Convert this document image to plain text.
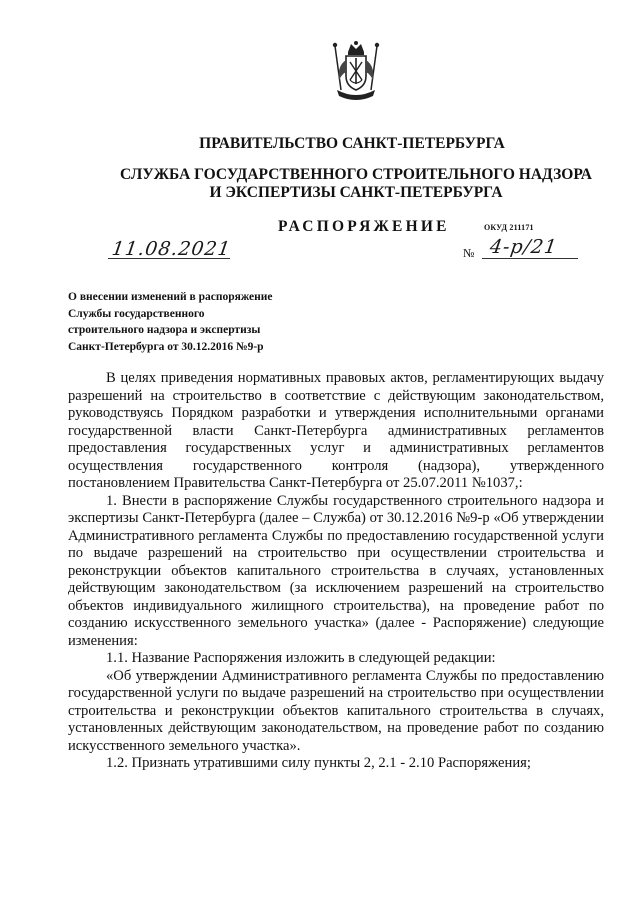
ПРАВИТЕЛЬСТВО САНКТ-ПЕТЕРБУРГА
СЛУЖБА ГОСУДАРСТВЕННОГО СТРОИТЕЛЬНОГО НАДЗОРА
И ЭКСПЕРТИЗЫ САНКТ-ПЕТЕРБУРГА
РАСПОРЯЖЕНИЕ	ОКУД 211171
11.08.2021	№ 4-р/21
О внесении изменений в распоряжение
Службы государственного
строительного надзора и экспертизы
Санкт-Петербурга от 30.12.2016 №9-р

В целях приведения нормативных правовых актов, регламентирующих выдачу разрешений на строительство в соответствие с действующим законодательством, руководствуясь Порядком разработки и утверждения исполнительными органами государственной власти Санкт-Петербурга административных регламентов предоставления государственных услуг и административных регламентов осуществления государственного контроля (надзора), утвержденного постановлением Правительства Санкт-Петербурга от 25.07.2011 №1037,:

1. Внести в распоряжение Службы государственного строительного надзора и экспертизы Санкт-Петербурга (далее – Служба) от 30.12.2016 №9-р «Об утверждении Административного регламента Службы по предоставлению государственной услуги по выдаче разрешений на строительство при осуществлении строительства и реконструкции объектов капитального строительства в случаях, установленных действующим законодательством (за исключением разрешений на строительство объектов индивидуального жилищного строительства), на проведение работ по созданию искусственного земельного участка» (далее - Распоряжение) следующие изменения:

1.1. Название Распоряжения изложить в следующей редакции:

«Об утверждении Административного регламента Службы по предоставлению государственной услуги по выдаче разрешений на строительство при осуществлении строительства и реконструкции объектов капитального строительства в случаях, установленных действующим законодательством, на проведение работ по созданию искусственного земельного участка».

1.2. Признать утратившими силу пункты 2, 2.1 - 2.10 Распоряжения;
